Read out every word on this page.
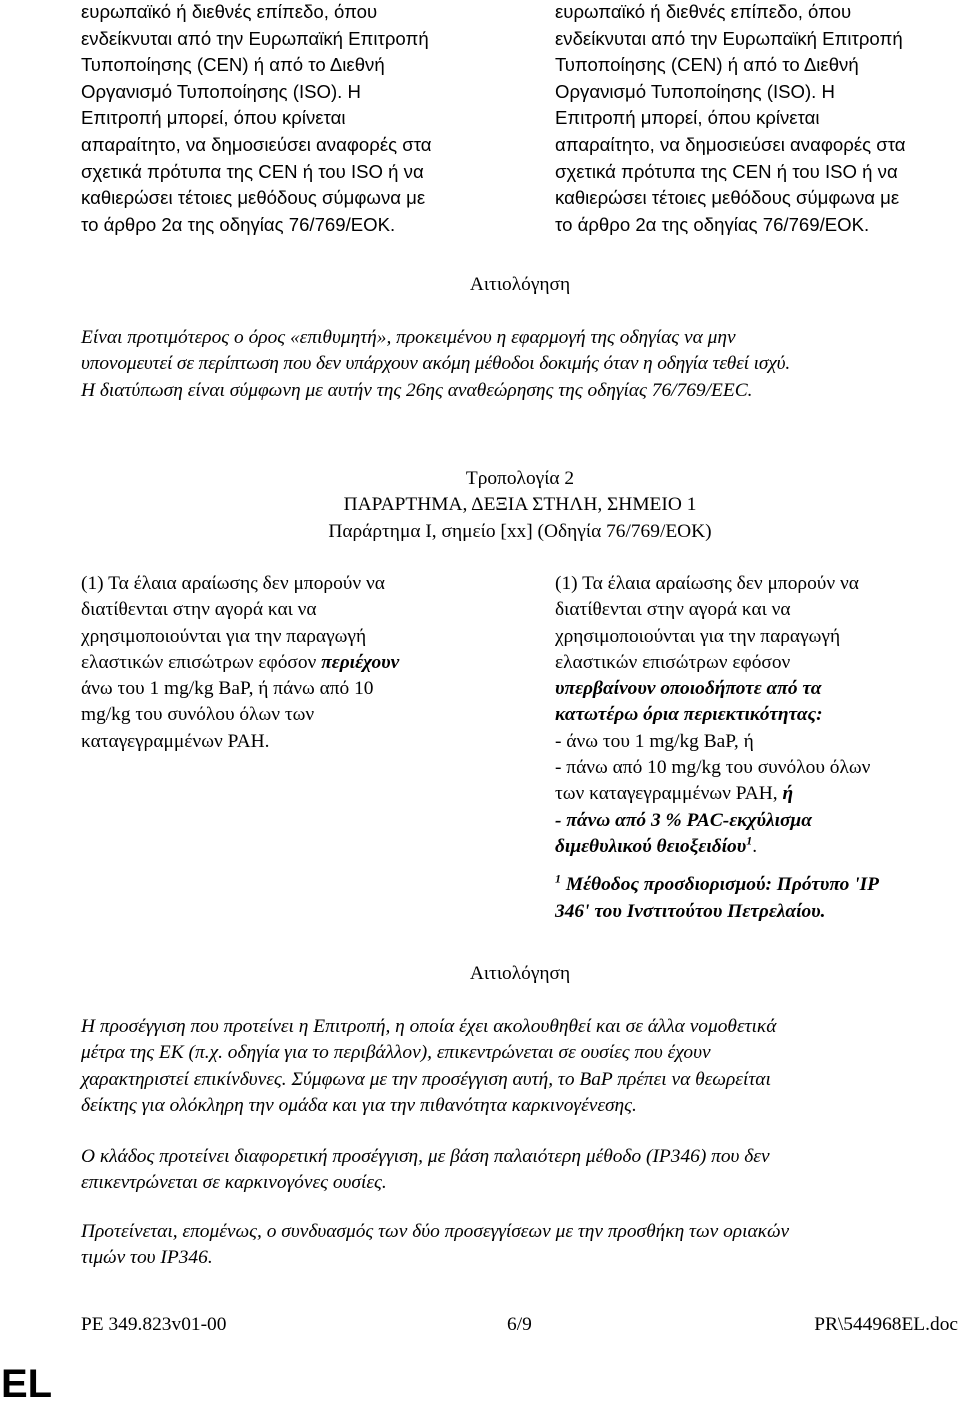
ευρωπαϊκό ή διεθνές επίπεδο, όπου
ενδείκνυται από την Ευρωπαϊκή Επιτροπή
Τυποποίησης (CEN) ή από το Διεθνή
Οργανισμό Τυποποίησης (ISO). Η
Επιτροπή μπορεί, όπου κρίνεται
απαραίτητο, να δημοσιεύσει αναφορές στα
σχετικά πρότυπα της CEN ή του ISO ή να
καθιερώσει τέτοιες μεθόδους σύμφωνα με
το άρθρο 2α της οδηγίας 76/769/ΕΟΚ.
ευρωπαϊκό ή διεθνές επίπεδο, όπου
ενδείκνυται από την Ευρωπαϊκή Επιτροπή
Τυποποίησης (CEN) ή από το Διεθνή
Οργανισμό Τυποποίησης (ISO). Η
Επιτροπή μπορεί, όπου κρίνεται
απαραίτητο, να δημοσιεύσει αναφορές στα
σχετικά πρότυπα της CEN ή του ISO ή να
καθιερώσει τέτοιες μεθόδους σύμφωνα με
το άρθρο 2α της οδηγίας 76/769/ΕΟΚ.
Αιτιολόγηση
Είναι προτιμότερος ο όρος «επιθυμητή», προκειμένου η εφαρμογή της οδηγίας να μην
υπονομευτεί σε περίπτωση που δεν υπάρχουν ακόμη μέθοδοι δοκιμής όταν η οδηγία τεθεί ισχύ.
Η διατύπωση είναι σύμφωνη με αυτήν της 26ης αναθεώρησης της οδηγίας 76/769/ΕΕC.
Τροπολογία 2
ΠΑΡΑΡΤΗΜΑ, ΔΕΞΙΑ ΣΤΗΛΗ, ΣΗΜΕΙΟ 1
Παράρτημα Ι, σημείο [xx] (Οδηγία 76/769/ΕΟΚ)
(1) Τα έλαια αραίωσης δεν μπορούν να
διατίθενται στην αγορά και να
χρησιμοποιούνται για την παραγωγή
ελαστικών επισώτρων εφόσον περιέχουν
άνω του 1 mg/kg BaP, ή πάνω από 10
mg/kg του συνόλου όλων των
καταγεγραμμένων PAH.
(1) Τα έλαια αραίωσης δεν μπορούν να
διατίθενται στην αγορά και να
χρησιμοποιούνται για την παραγωγή
ελαστικών επισώτρων εφόσον
υπερβαίνουν οποιοδήποτε από τα
κατωτέρω όρια περιεκτικότητας:
- άνω του 1 mg/kg BaP, ή
- πάνω από 10 mg/kg του συνόλου όλων
των καταγεγραμμένων PAH, ή
- πάνω από 3 % PAC-εκχύλισμα
διμεθυλικού θειοξειδίου$^1$.
$^1$ Μέθοδος προσδιορισμού: Πρότυπο 'IP
346' του Ινστιτούτου Πετρελαίου.
Αιτιολόγηση
Η προσέγγιση που προτείνει η Επιτροπή, η οποία έχει ακολουθηθεί και σε άλλα νομοθετικά
μέτρα της ΕΚ (π.χ. οδηγία για το περιβάλλον), επικεντρώνεται σε ουσίες που έχουν
χαρακτηριστεί επικίνδυνες. Σύμφωνα με την προσέγγιση αυτή, το BaP πρέπει να θεωρείται
δείκτης για ολόκληρη την ομάδα και για την πιθανότητα καρκινογένεσης.
Ο κλάδος προτείνει διαφορετική προσέγγιση, με βάση παλαιότερη μέθοδο (IP346) που δεν
επικεντρώνεται σε καρκινογόνες ουσίες.
Προτείνεται, επομένως, ο συνδυασμός των δύο προσεγγίσεων με την προσθήκη των οριακών
τιμών του IP346.
PE 349.823v01-00	6/9	PR\544968EL.doc
EL
